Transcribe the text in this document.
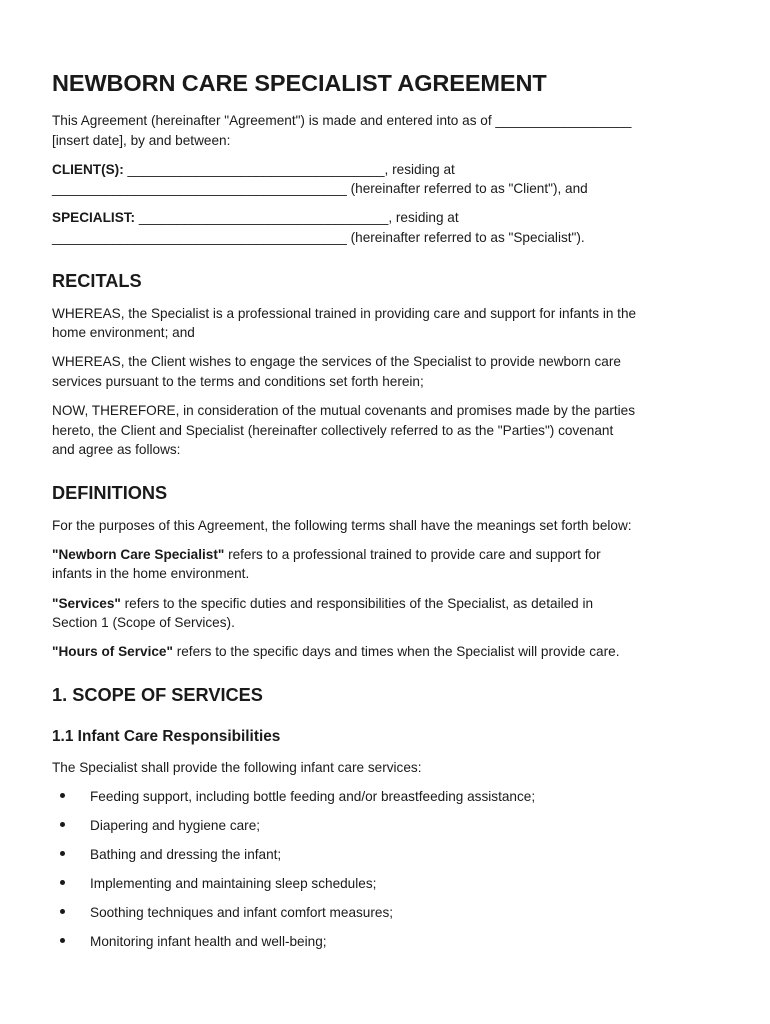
NEWBORN CARE SPECIALIST AGREEMENT

This Agreement (hereinafter "Agreement") is made and entered into as of __________________
[insert date], by and between:

CLIENT(S): __________________________________, residing at
_______________________________________ (hereinafter referred to as "Client"), and

SPECIALIST: _________________________________, residing at
_______________________________________ (hereinafter referred to as "Specialist").

RECITALS

WHEREAS, the Specialist is a professional trained in providing care and support for infants in the
home environment; and

WHEREAS, the Client wishes to engage the services of the Specialist to provide newborn care
services pursuant to the terms and conditions set forth herein;

NOW, THEREFORE, in consideration of the mutual covenants and promises made by the parties
hereto, the Client and Specialist (hereinafter collectively referred to as the "Parties") covenant
and agree as follows:

DEFINITIONS

For the purposes of this Agreement, the following terms shall have the meanings set forth below:

"Newborn Care Specialist" refers to a professional trained to provide care and support for
infants in the home environment.

"Services" refers to the specific duties and responsibilities of the Specialist, as detailed in
Section 1 (Scope of Services).

"Hours of Service" refers to the specific days and times when the Specialist will provide care.

1. SCOPE OF SERVICES
1.1 Infant Care Responsibilities

The Specialist shall provide the following infant care services:

Feeding support, including bottle feeding and/or breastfeeding assistance;
Diapering and hygiene care;
Bathing and dressing the infant;
Implementing and maintaining sleep schedules;
Soothing techniques and infant comfort measures;
Monitoring infant health and well-being;
